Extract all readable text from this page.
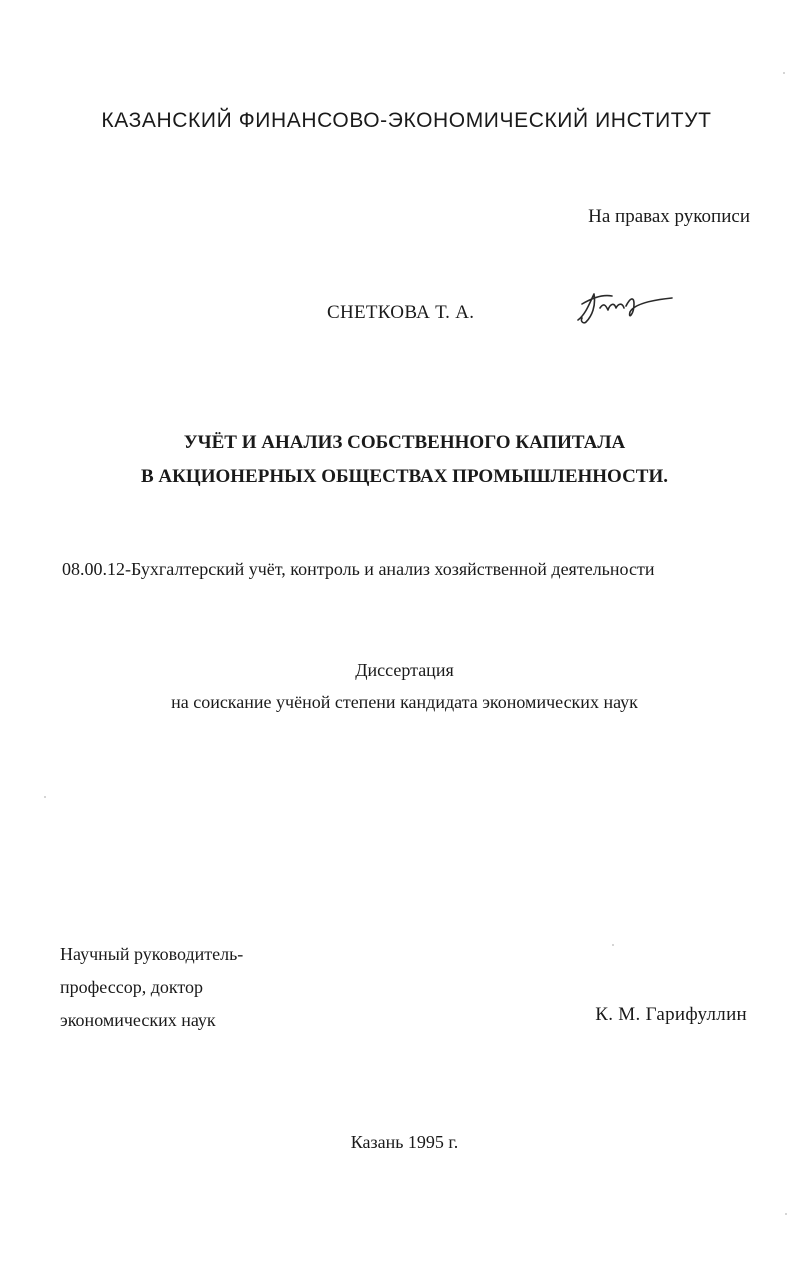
КАЗАНСКИЙ ФИНАНСОВО-ЭКОНОМИЧЕСКИЙ ИНСТИТУТ
На правах рукописи
СНЕТКОВА Т. А.
УЧЁТ И АНАЛИЗ СОБСТВЕННОГО КАПИТАЛА
В АКЦИОНЕРНЫХ ОБЩЕСТВАХ ПРОМЫШЛЕННОСТИ.
08.00.12-Бухгалтерский учёт, контроль и анализ хозяйственной деятельности
Диссертация
на соискание учёной степени кандидата экономических наук
Научный руководитель-
профессор, доктор
экономических наук	К. М. Гарифуллин
Казань 1995 г.
